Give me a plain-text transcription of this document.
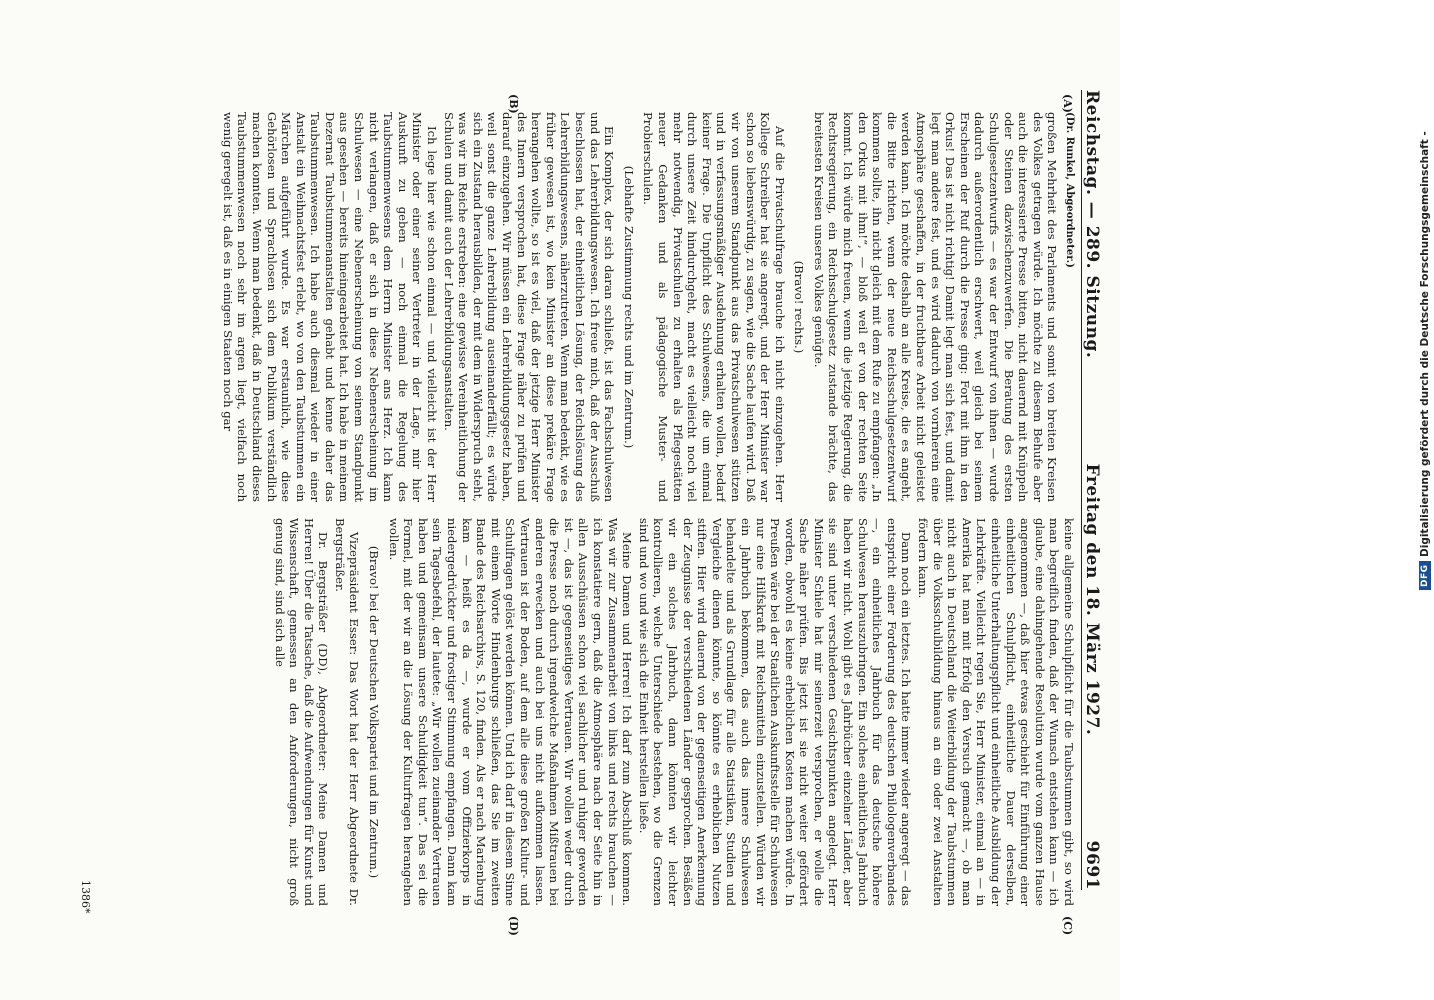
Reichstag. — 289. Sitzung.
Freitag den 18. März 1927.
9691
(A)
(B)
(C)
(D)
(Dr. Runkel, Abgeordneter.)

großen Mehrheit des Parlaments und somit von breiten Kreisen des Volkes getragen würde. Ich möchte zu diesem Behufe aber auch die interessierte Presse bitten, nicht dauernd mit Knüppeln oder Steinen dazwischenzuwerfen. Die Beratung des ersten Schulgesetzentwurfs — es war der Entwurf von ihnen — wurde dadurch außerordentlich erschwert, weil gleich bei seinem Erscheinen der Ruf durch die Presse ging: Fort mit ihm in den Orkus! Das ist nicht richtig! Damit legt man sich fest, und damit legt man andere fest, und es wird dadurch von vornherein eine Atmosphäre geschaffen, in der fruchtbare Arbeit nicht geleistet werden kann. Ich möchte deshalb an alle Kreise, die es angeht, die Bitte richten, wenn der neue Reichsschulgesetzentwurf kommen sollte, ihn nicht gleich mit dem Rufe zu empfangen: „In den Orkus mit ihm!“, — bloß weil er von der rechten Seite kommt. Ich würde mich freuen, wenn die jetzige Regierung, die Rechtsregierung, ein Reichsschulgesetz zustande brächte, das breitesten Kreisen unseres Volkes genügte.

(Bravo! rechts.)

Auf die Privatschulfrage brauche ich nicht einzugehen. Herr Kollege Schreiber hat sie angeregt, und der Herr Minister war schon so liebenswürdig, zu sagen, wie die Sache laufen wird. Daß wir von unserem Standpunkt aus das Privatschulwesen stützen und in verfassungsmäßiger Ausdehnung erhalten wollen, bedarf keiner Frage. Die Unpflicht des Schulwesens, die um einmal durch unsere Zeit hindurchgeht, macht es vielleicht noch viel mehr notwendig, Privatschulen zu erhalten als Pflegestätten neuer Gedanken und als pädagogische Muster- und Probierschulen.

(Lebhafte Zustimmung rechts und im Zentrum.)

Ein Komplex, der sich daran schließt, ist das Fachschulwesen und das Lehrerbildungswesen. Ich freue mich, daß der Ausschuß beschlossen hat, der einheitlichen Lösung, der Reichslösung des Lehrerbildungswesens, näherzutreten. Wenn man bedenkt, wie es früher gewesen ist, wo kein Minister an diese prekäre Frage herangehen wollte, so ist es viel, daß der jetzige Herr Minister des Innern versprochen hat, diese Frage näher zu prüfen und darauf einzugehen. Wir müssen ein Lehrerbildungsgesetz haben, weil sonst die ganze Lehrerbildung auseinanderfällt; es würde sich ein Zustand herausbilden, der mit dem in Widerspruch steht, was wir im Reiche erstreben: eine gewisse Vereinheitlichung der Schulen und damit auch der Lehrerbildungsanstalten.

Ich lege hier wie schon einmal — und vielleicht ist der Herr Minister oder einer seiner Vertreter in der Lage, mir hier Auskunft zu geben — noch einmal die Regelung des Taubstummenwesens dem Herrn Minister ans Herz. Ich kann nicht verlangen, daß er sich in diese Nebenerscheinung im Schulwesen — eine Nebenerscheinung von seinem Standpunkt aus gesehen — bereits hineingearbeitet hat. Ich habe in meinem Dezernat Taubstummenanstalten gehabt und kenne daher das Taubstummenwesen. Ich habe auch diesmal wieder in einer Anstalt ein Weihnachtsfest erlebt, wo von den Taubstummen ein Märchen aufgeführt wurde. Es war erstaunlich, wie diese Gehörlosen und Sprachlosen sich dem Publikum verständlich machen konnten. Wenn man bedenkt, daß in Deutschland dieses Taubstummenwesen noch sehr im argen liegt, vielfach noch wenig geregelt ist, daß es in einigen Staaten noch gar

keine allgemeine Schulpflicht für die Taubstummen gibt, so wird man begreiflich finden, daß der Wunsch entstehen kann — ich glaube, eine dahingehende Resolution wurde vom ganzen Hause angenommen —, daß hier etwas geschieht für Einführung einer einheitlichen Schulpflicht, einheitliche Dauer derselben, einheitliche Unterhaltungspflicht und einheitliche Ausbildung der Lehrkräfte. Vielleicht regen Sie, Herr Minister, einmal an — in Amerika hat man mit Erfolg den Versuch gemacht —, ob man nicht auch in Deutschland die Weiterbildung der Taubstummen über die Volksschulbildung hinaus an ein oder zwei Anstalten fördern kann.

Dann noch ein letztes. Ich hatte immer wieder angeregt — das entspricht einer Forderung des deutschen Philologenverbandes —, ein einheitliches Jahrbuch für das deutsche höhere Schulwesen herauszubringen. Ein solches einheitliches Jahrbuch haben wir nicht. Wohl gibt es Jahrbücher einzelner Länder, aber sie sind unter verschiedenen Gesichtspunkten angelegt. Herr Minister Schiele hat mir seinerzeit versprochen, er wolle die Sache näher prüfen. Bis jetzt ist sie nicht weiter gefördert worden, obwohl es keine erheblichen Kosten machen würde. In Preußen wäre bei der Staatlichen Auskunftsstelle für Schulwesen nur eine Hilfskraft mit Reichsmitteln einzustellen. Würden wir ein Jahrbuch bekommen, das auch das innere Schulwesen behandelte und als Grundlage für alle Statistiken, Studien und Vergleiche dienen könnte, so könnte es erheblichen Nutzen stiften. Hier wird dauernd von der gegenseitigen Anerkennung der Zeugnisse der verschiedenen Länder gesprochen. Besäßen wir ein solches Jahrbuch, dann könnten wir leichter kontrollieren, welche Unterschiede bestehen, wo die Grenzen sind und wo und wie sich die Einheit herstellen ließe.

Meine Damen und Herren! Ich darf zum Abschluß kommen. Was wir zur Zusammenarbeit von links und rechts brauchen — ich konstatiere gern, daß die Atmosphäre nach der Seite hin in allen Ausschüssen schon viel sachlicher und ruhiger geworden ist —, das ist gegenseitiges Vertrauen. Wir wollen weder durch die Presse noch durch irgendwelche Maßnahmen Mißtrauen bei anderen erwecken und auch bei uns nicht aufkommen lassen. Vertrauen ist der Boden, auf dem alle diese großen Kultur- und Schulfragen gelöst werden können. Und ich darf in diesem Sinne mit einem Worte Hindenburgs schließen, das Sie im zweiten Bande des Reichsarchivs, S. 120, finden. Als er nach Marienburg kam — heißt es da —, wurde er vom Offizierkorps in niedergedrückter und frostiger Stimmung empfangen. Dann kam sein Tagesbefehl, der lautete: „Wir wollen zueinander Vertrauen haben und gemeinsam unsere Schuldigkeit tun“. Das sei die Formel, mit der wir an die Lösung der Kulturfragen herangehen wollen.

(Bravo! bei der Deutschen Volkspartei und im Zentrum.)

Vizepräsident Esser: Das Wort hat der Herr Abgeordnete Dr. Bergsträßer.

Dr. Bergsträßer (DD), Abgeordneter: Meine Damen und Herren! Über die Tatsache, daß die Aufwendungen für Kunst und Wissenschaft, gemessen an den Anforderungen, nicht groß genug sind, sind sich alle

1386*
DFG
Digitalisierung gefördert durch die Deutsche Forschungsgemeinschaft -
